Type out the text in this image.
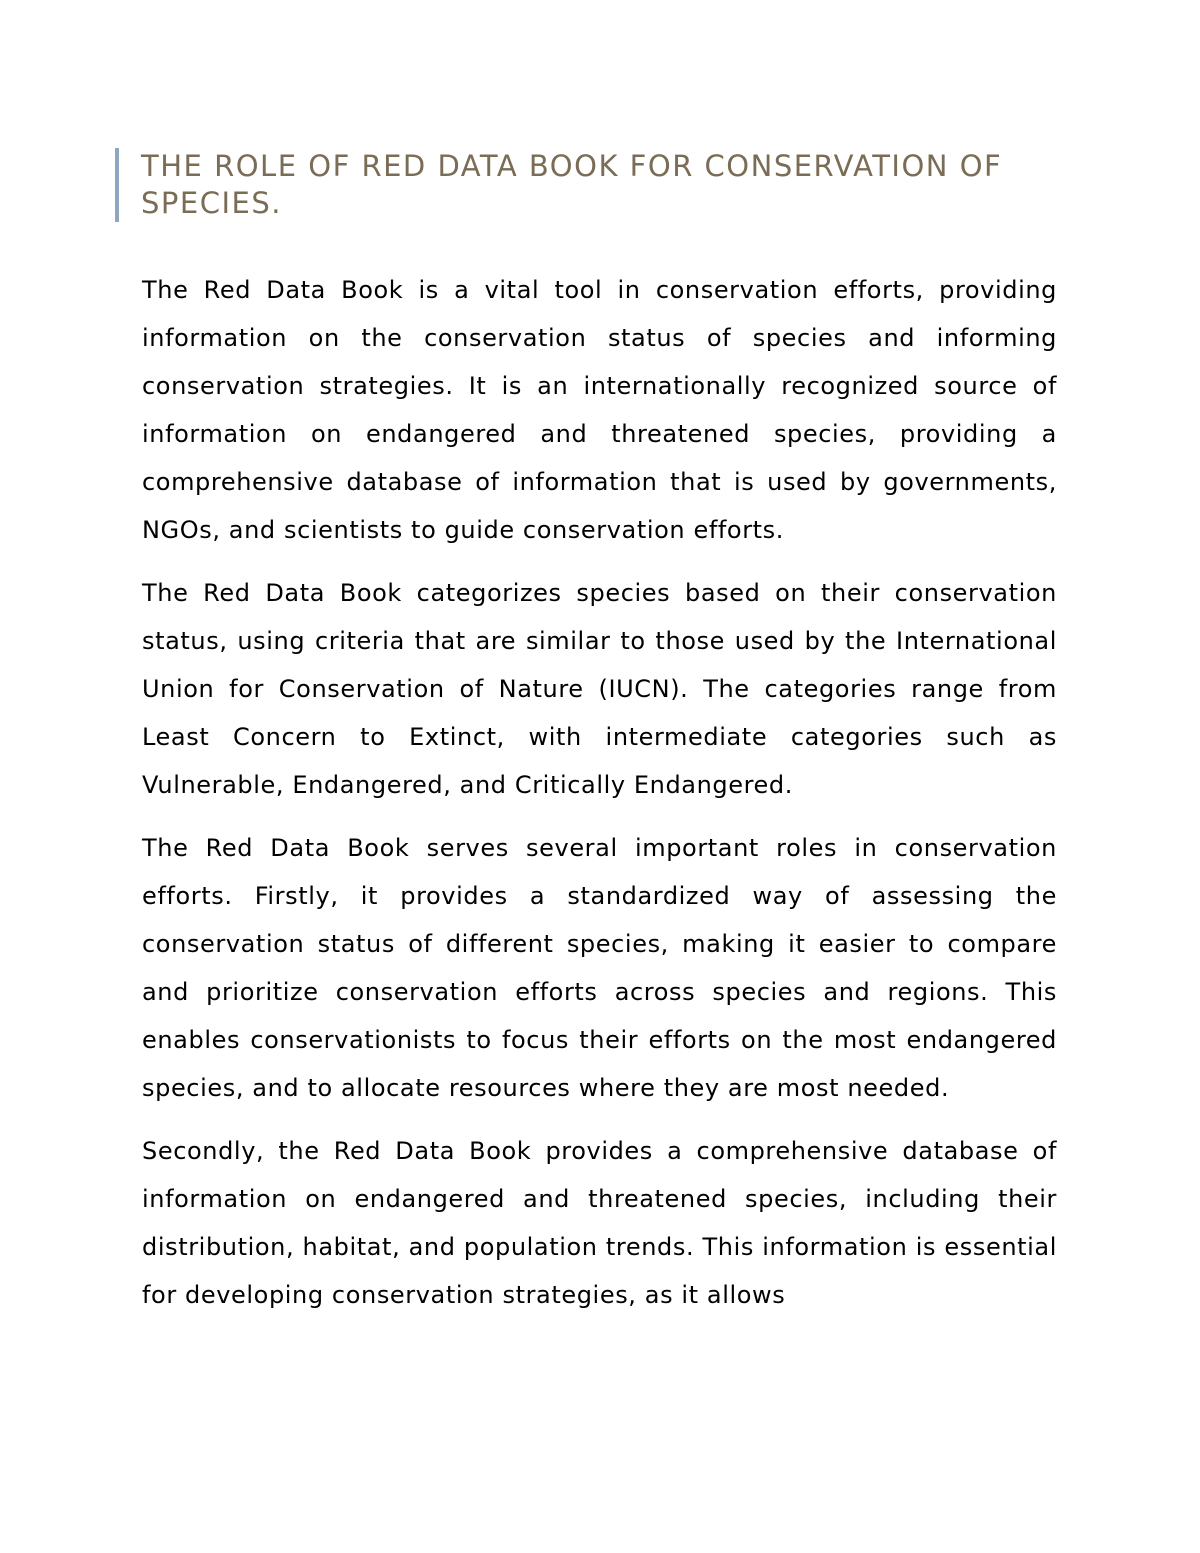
THE ROLE OF RED DATA BOOK FOR CONSERVATION OF SPECIES.

The Red Data Book is a vital tool in conservation efforts, providing information on the conservation status of species and informing conservation strategies. It is an internationally recognized source of information on endangered and threatened species, providing a comprehensive database of information that is used by governments, NGOs, and scientists to guide conservation efforts.

The Red Data Book categorizes species based on their conservation status, using criteria that are similar to those used by the International Union for Conservation of Nature (IUCN). The categories range from Least Concern to Extinct, with intermediate categories such as Vulnerable, Endangered, and Critically Endangered.

The Red Data Book serves several important roles in conservation efforts. Firstly, it provides a standardized way of assessing the conservation status of different species, making it easier to compare and prioritize conservation efforts across species and regions. This enables conservationists to focus their efforts on the most endangered species, and to allocate resources where they are most needed.

Secondly, the Red Data Book provides a comprehensive database of information on endangered and threatened species, including their distribution, habitat, and population trends. This information is essential for developing conservation strategies, as it allows
